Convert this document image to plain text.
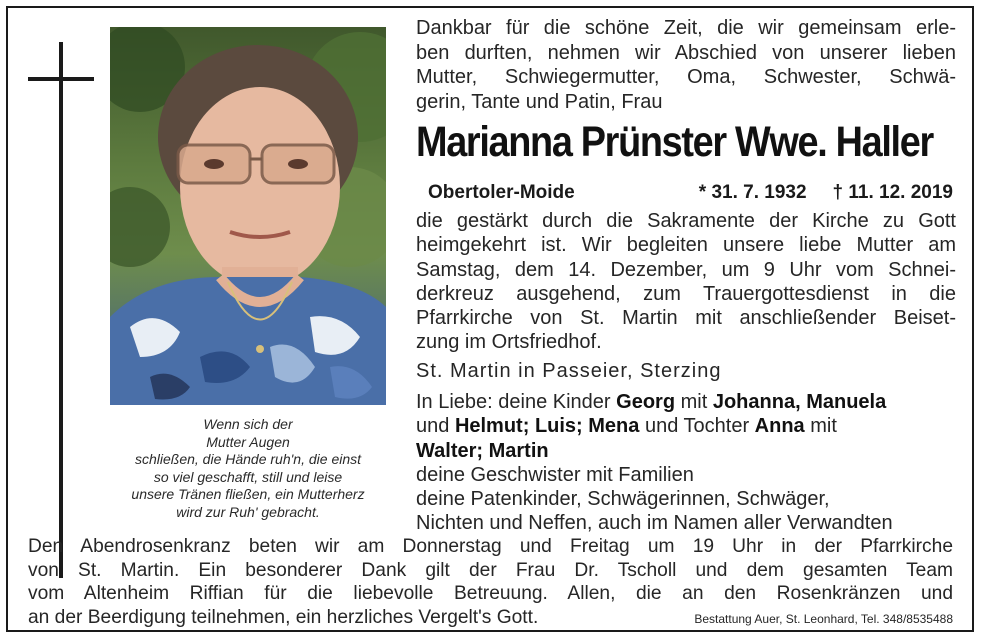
Wenn sich der
Mutter Augen
schließen, die Hände ruh'n, die einst
so viel geschafft, still und leise
unsere Tränen fließen, ein Mutterherz
wird zur Ruh' gebracht.
Dankbar für die schöne Zeit, die wir gemeinsam erle-
ben durften, nehmen wir Abschied von unserer lieben
Mutter, Schwiegermutter, Oma, Schwester, Schwä-
gerin, Tante und Patin, Frau
Marianna Prünster Wwe. Haller
Obertoler-Moide	* 31. 7. 1932 † 11. 12. 2019
die gestärkt durch die Sakramente der Kirche zu Gott
heimgekehrt ist. Wir begleiten unsere liebe Mutter am
Samstag, dem 14. Dezember, um 9 Uhr vom Schnei-
derkreuz ausgehend, zum Trauergottesdienst in die
Pfarrkirche von St. Martin mit anschließender Beiset-
zung im Ortsfriedhof.
St. Martin in Passeier, Sterzing
In Liebe: deine Kinder Georg mit Johanna, Manuela
und Helmut; Luis; Mena und Tochter Anna mit
Walter; Martin
deine Geschwister mit Familien
deine Patenkinder, Schwägerinnen, Schwäger,
Nichten und Neffen, auch im Namen aller Verwandten
Den Abendrosenkranz beten wir am Donnerstag und Freitag um 19 Uhr in der Pfarrkirche
von St. Martin. Ein besonderer Dank gilt der Frau Dr. Tscholl und dem gesamten Team
vom Altenheim Riffian für die liebevolle Betreuung. Allen, die an den Rosenkränzen und
an der Beerdigung teilnehmen, ein herzliches Vergelt's Gott.	Bestattung Auer, St. Leonhard, Tel. 348/8535488
